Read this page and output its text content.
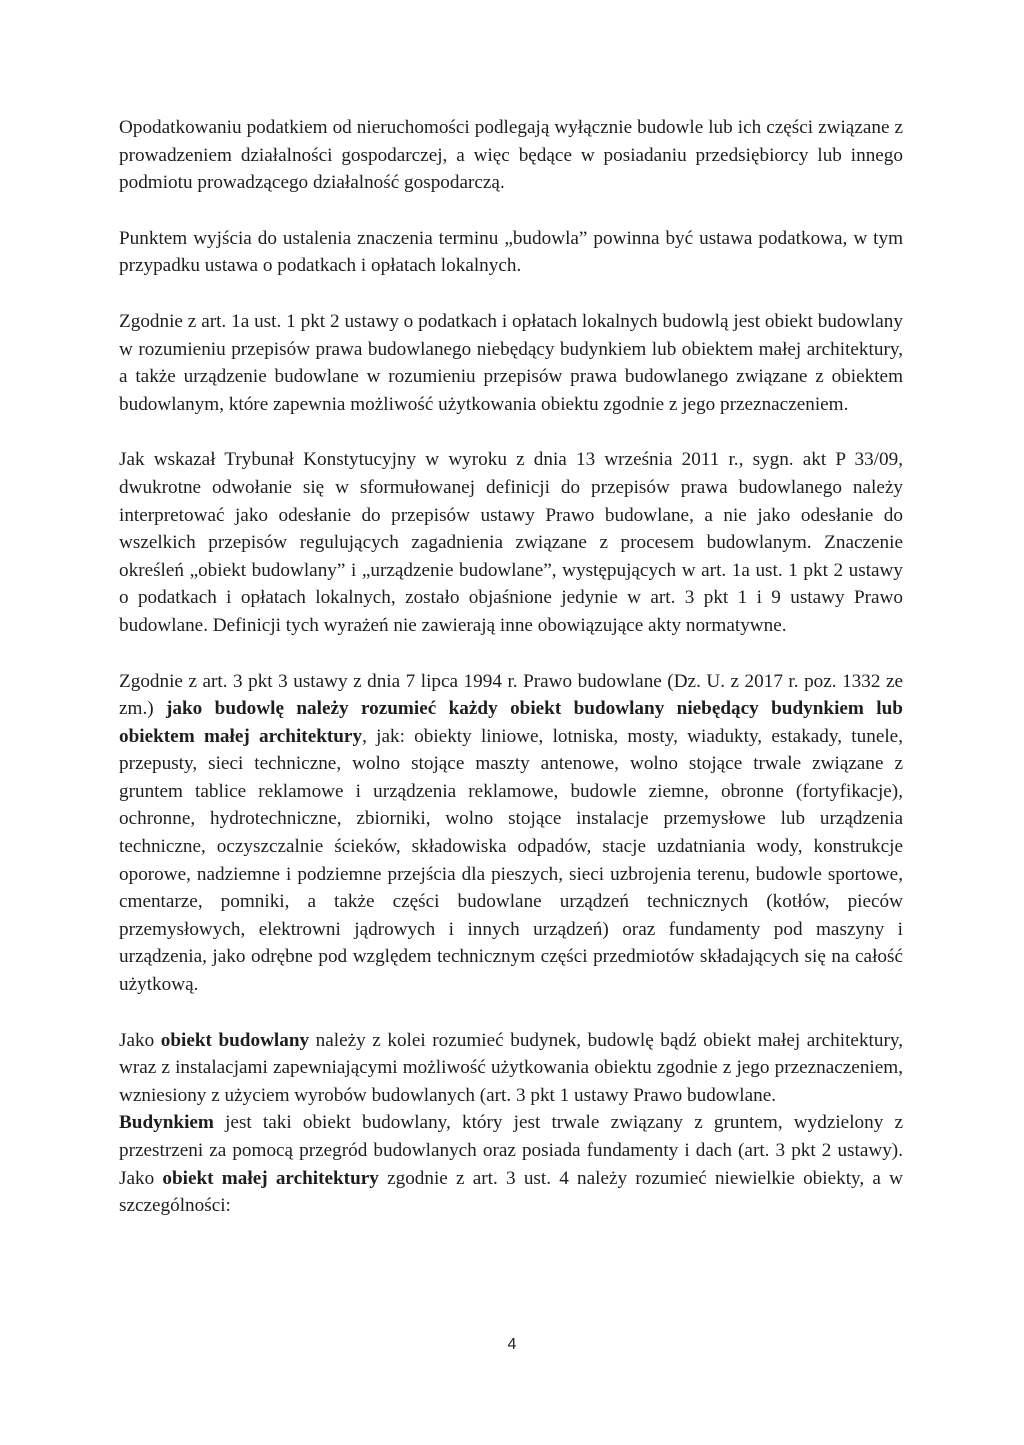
Opodatkowaniu podatkiem od nieruchomości podlegają wyłącznie budowle lub ich części związane z prowadzeniem działalności gospodarczej, a więc będące w posiadaniu przedsiębiorcy lub innego podmiotu prowadzącego działalność gospodarczą.

Punktem wyjścia do ustalenia znaczenia terminu „budowla” powinna być ustawa podatkowa, w tym przypadku ustawa o podatkach i opłatach lokalnych.

Zgodnie z art. 1a ust. 1 pkt 2 ustawy o podatkach i opłatach lokalnych budowlą jest obiekt budowlany w rozumieniu przepisów prawa budowlanego niebędący budynkiem lub obiektem małej architektury, a także urządzenie budowlane w rozumieniu przepisów prawa budowlanego związane z obiektem budowlanym, które zapewnia możliwość użytkowania obiektu zgodnie z jego przeznaczeniem.

Jak wskazał Trybunał Konstytucyjny w wyroku z dnia 13 września 2011 r., sygn. akt P 33/09, dwukrotne odwołanie się w sformułowanej definicji do przepisów prawa budowlanego należy interpretować jako odesłanie do przepisów ustawy Prawo budowlane, a nie jako odesłanie do wszelkich przepisów regulujących zagadnienia związane z procesem budowlanym. Znaczenie określeń „obiekt budowlany” i „urządzenie budowlane”, występujących w art. 1a ust. 1 pkt 2 ustawy o podatkach i opłatach lokalnych, zostało objaśnione jedynie w art. 3 pkt 1 i 9 ustawy Prawo budowlane. Definicji tych wyrażeń nie zawierają inne obowiązujące akty normatywne.

Zgodnie z art. 3 pkt 3 ustawy z dnia 7 lipca 1994 r. Prawo budowlane (Dz. U. z 2017 r. poz. 1332 ze zm.) jako budowlę należy rozumieć każdy obiekt budowlany niebędący budynkiem lub obiektem małej architektury, jak: obiekty liniowe, lotniska, mosty, wiadukty, estakady, tunele, przepusty, sieci techniczne, wolno stojące maszty antenowe, wolno stojące trwale związane z gruntem tablice reklamowe i urządzenia reklamowe, budowle ziemne, obronne (fortyfikacje), ochronne, hydrotechniczne, zbiorniki, wolno stojące instalacje przemysłowe lub urządzenia techniczne, oczyszczalnie ścieków, składowiska odpadów, stacje uzdatniania wody, konstrukcje oporowe, nadziemne i podziemne przejścia dla pieszych, sieci uzbrojenia terenu, budowle sportowe, cmentarze, pomniki, a także części budowlane urządzeń technicznych (kotłów, pieców przemysłowych, elektrowni jądrowych i innych urządzeń) oraz fundamenty pod maszyny i urządzenia, jako odrębne pod względem technicznym części przedmiotów składających się na całość użytkową.

Jako obiekt budowlany należy z kolei rozumieć budynek, budowlę bądź obiekt małej architektury, wraz z instalacjami zapewniającymi możliwość użytkowania obiektu zgodnie z jego przeznaczeniem, wzniesiony z użyciem wyrobów budowlanych (art. 3 pkt 1 ustawy Prawo budowlane.

Budynkiem jest taki obiekt budowlany, który jest trwale związany z gruntem, wydzielony z przestrzeni za pomocą przegród budowlanych oraz posiada fundamenty i dach (art. 3 pkt 2 ustawy). Jako obiekt małej architektury zgodnie z art. 3 ust. 4 należy rozumieć niewielkie obiekty, a w szczególności:

4
